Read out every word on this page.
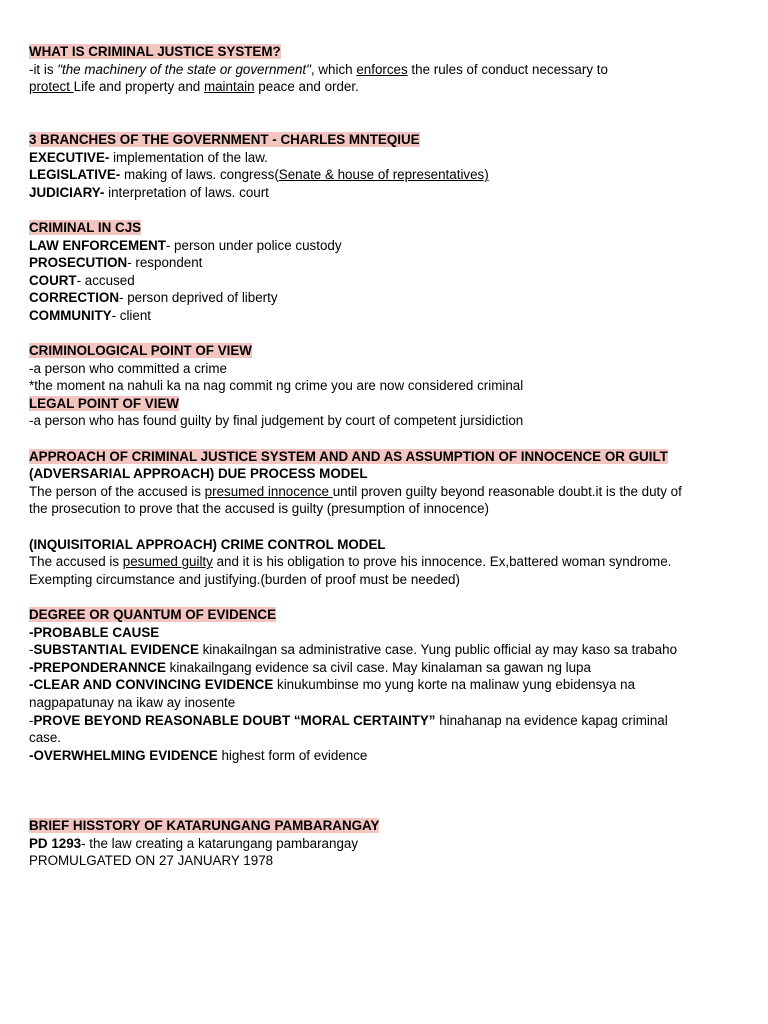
WHAT IS CRIMINAL JUSTICE SYSTEM?

-it is "the machinery of the state or government", which enforces the rules of conduct necessary to
protect Life and property and maintain peace and order.

3 BRANCHES OF THE GOVERNMENT - CHARLES MNTEQIUE

EXECUTIVE- implementation of the law.

LEGISLATIVE- making of laws. congress(Senate & house of representatives)

JUDICIARY- interpretation of laws. court

CRIMINAL IN CJS

LAW ENFORCEMENT- person under police custody

PROSECUTION- respondent

COURT- accused

CORRECTION- person deprived of liberty

COMMUNITY- client

CRIMINOLOGICAL POINT OF VIEW

-a person who committed a crime

*the moment na nahuli ka na nag commit ng crime you are now considered criminal

LEGAL POINT OF VIEW

-a person who has found guilty by final judgement by court of competent jursidiction

APPROACH OF CRIMINAL JUSTICE SYSTEM AND AND AS ASSUMPTION OF INNOCENCE OR GUILT

(ADVERSARIAL APPROACH) DUE PROCESS MODEL

The person of the accused is presumed innocence until proven guilty beyond reasonable doubt.it is the duty of the prosecution to prove that the accused is guilty (presumption of innocence)

(INQUISITORIAL APPROACH) CRIME CONTROL MODEL

The accused is pesumed guilty and it is his obligation to prove his innocence. Ex,battered woman syndrome. Exempting circumstance and justifying.(burden of proof must be needed)

DEGREE OR QUANTUM OF EVIDENCE

-PROBABLE CAUSE

-SUBSTANTIAL EVIDENCE kinakailngan sa administrative case. Yung public official ay may kaso sa trabaho

-PREPONDERANNCE kinakailngang evidence sa civil case. May kinalaman sa gawan ng lupa

-CLEAR AND CONVINCING EVIDENCE kinukumbinse mo yung korte na malinaw yung ebidensya na nagpapatunay na ikaw ay inosente

-PROVE BEYOND REASONABLE DOUBT “MORAL CERTAINTY” hinahanap na evidence kapag criminal case.

-OVERWHELMING EVIDENCE highest form of evidence

BRIEF HISSTORY OF KATARUNGANG PAMBARANGAY

PD 1293- the law creating a katarungang pambarangay

PROMULGATED ON 27 JANUARY 1978
